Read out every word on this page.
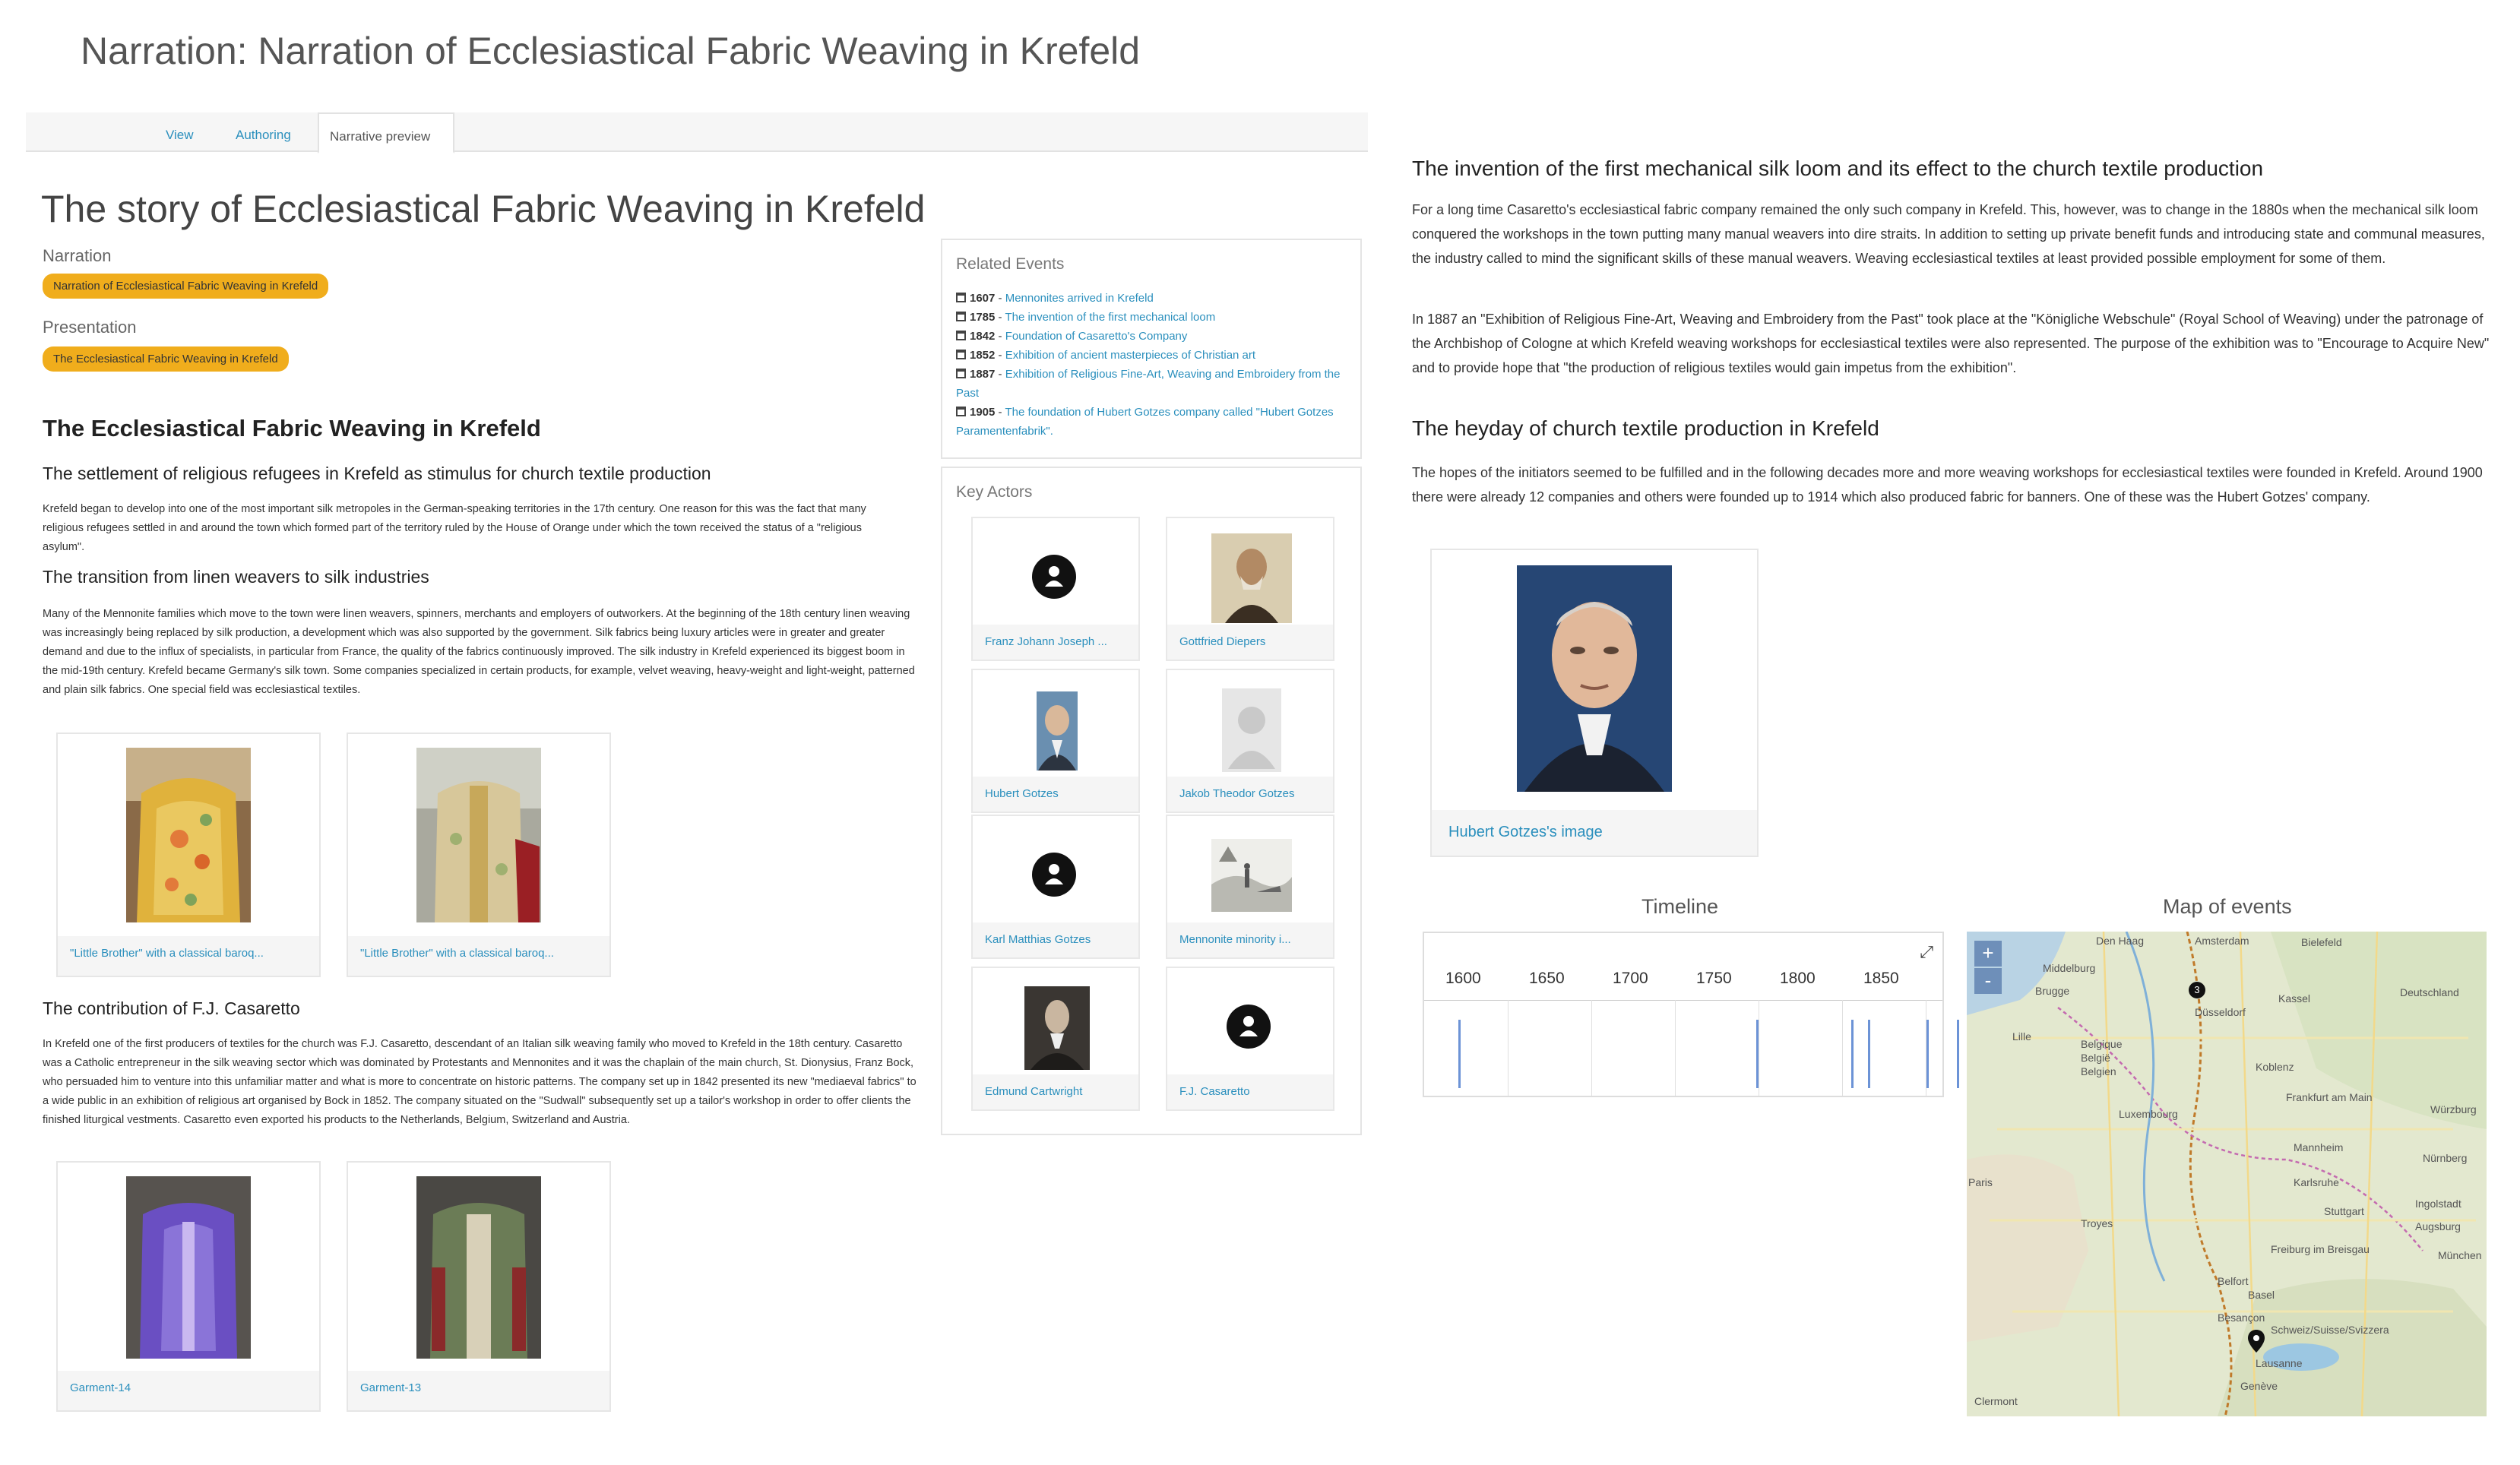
Narration: Narration of Ecclesiastical Fabric Weaving in Krefeld
View	Authoring	Narrative preview
The story of Ecclesiastical Fabric Weaving in Krefeld
Narration
Narration of Ecclesiastical Fabric Weaving in Krefeld
Presentation
The Ecclesiastical Fabric Weaving in Krefeld
The Ecclesiastical Fabric Weaving in Krefeld
The settlement of religious refugees in Krefeld as stimulus for church textile production
Krefeld began to develop into one of the most important silk metropoles in the German-speaking territories in the 17th century. One reason for this was the fact that many religious refugees settled in and around the town which formed part of the territory ruled by the House of Orange under which the town received the status of a "religious asylum".
The transition from linen weavers to silk industries
Many of the Mennonite families which move to the town were linen weavers, spinners, merchants and employers of outworkers. At the beginning of the 18th century linen weaving was increasingly being replaced by silk production, a development which was also supported by the government. Silk fabrics being luxury articles were in greater and greater demand and due to the influx of specialists, in particular from France, the quality of the fabrics continuously improved. The silk industry in Krefeld experienced its biggest boom in the mid-19th century. Krefeld became Germany's silk town. Some companies specialized in certain products, for example, velvet weaving, heavy-weight and light-weight, patterned and plain silk fabrics. One special field was ecclesiastical textiles.
"Little Brother" with a classical baroq...	"Little Brother" with a classical baroq...
The contribution of F.J. Casaretto
In Krefeld one of the first producers of textiles for the church was F.J. Casaretto, descendant of an Italian silk weaving family who moved to Krefeld in the 18th century. Casaretto was a Catholic entrepreneur in the silk weaving sector which was dominated by Protestants and Mennonites and it was the chaplain of the main church, St. Dionysius, Franz Bock, who persuaded him to venture into this unfamiliar matter and what is more to concentrate on historic patterns. The company set up in 1842 presented its new "mediaeval fabrics" to a wide public in an exhibition of religious art organised by Bock in 1852. The company situated on the "Sudwall" subsequently set up a tailor's workshop in order to offer clients the finished liturgical vestments. Casaretto even exported his products to the Netherlands, Belgium, Switzerland and Austria.
Garment-14	Garment-13
Related Events
1607 - Mennonites arrived in Krefeld
1785 - The invention of the first mechanical loom
1842 - Foundation of Casaretto's Company
1852 - Exhibition of ancient masterpieces of Christian art
1887 - Exhibition of Religious Fine-Art, Weaving and Embroidery from the Past
1905 - The foundation of Hubert Gotzes company called "Hubert Gotzes Paramentenfabrik".
Key Actors
Franz Johann Joseph ...	Gottfried Diepers
Hubert Gotzes	Jakob Theodor Gotzes
Karl Matthias Gotzes	Mennonite minority i...
Edmund Cartwright	F.J. Casaretto
The invention of the first mechanical silk loom and its effect to the church textile production
For a long time Casaretto's ecclesiastical fabric company remained the only such company in Krefeld. This, however, was to change in the 1880s when the mechanical silk loom conquered the workshops in the town putting many manual weavers into dire straits. In addition to setting up private benefit funds and introducing state and communal measures, the industry called to mind the significant skills of these manual weavers. Weaving ecclesiastical textiles at least provided possible employment for some of them.
In 1887 an "Exhibition of Religious Fine-Art, Weaving and Embroidery from the Past" took place at the "Königliche Webschule" (Royal School of Weaving) under the patronage of the Archbishop of Cologne at which Krefeld weaving workshops for ecclesiastical textiles were also represented. The purpose of the exhibition was to "Encourage to Acquire New" and to provide hope that "the production of religious textiles would gain impetus from the exhibition".
The heyday of church textile production in Krefeld
The hopes of the initiators seemed to be fulfilled and in the following decades more and more weaving workshops for ecclesiastical textiles were founded in Krefeld. Around 1900 there were already 12 companies and others were founded up to 1914 which also produced fabric for banners. One of these was the Hubert Gotzes' company.
Hubert Gotzes's image
Timeline
1600	1650	1700	1750	1800	1850
⤢
Map of events
Den Haag	Amsterdam	Bielefeld
Middelburg
Brugge
Düsseldorf
Kassel	Deutschland
Lille
Belgique
België
Belgien	Koblenz
Frankfurt am Main
Luxembourg	Würzburg
Nürnberg
Paris
Mannheim
Karlsruhe
Stuttgart
Ingolstadt
Augsburg
München
Troyes
Freiburg im Breisgau
Belfort
Basel
Besançon
Schweiz/Suisse/Svizzera
Lausanne
Genève
Clermont
+
-	3
